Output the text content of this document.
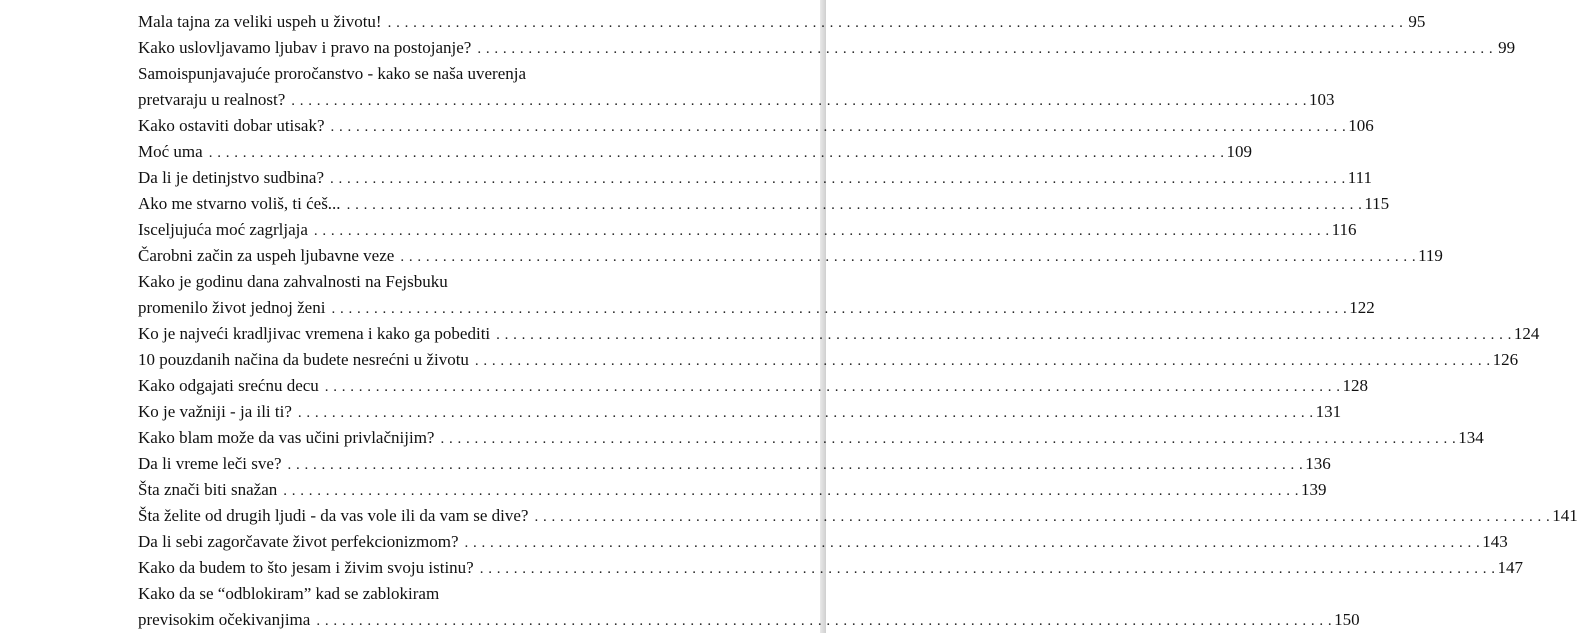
Mala tajna za veliki uspeh u životu! . . . . . . . . . . . . . . . . . . . . . . . . . . . . . . . . . . . . . . . . . . . . . . . . . . . . . . . . . . . . . . . . . . . . . . . . . . . . . . . . . . . . . . . . . . . . . . . . . . . . . . . . . . . . . . . . . . . . . . . . 95
Kako uslovljavamo ljubav i pravo na postojanje? . . . . . . . . . . . . . . . . . . . . . . . . . . . . . . . . . . . . . . . . . . . . . . . . . . . . . . . . . . . . . . . . . . . . . . . . . . . . . . . . . . . . . . . . . . . . . . . . . . . . . . . . . . . . . . . . . . . . . . . . 99
Samoispunjavajuće proročanstvo - kako se naša uverenja
pretvaraju u realnost? . . . . . . . . . . . . . . . . . . . . . . . . . . . . . . . . . . . . . . . . . . . . . . . . . . . . . . . . . . . . . . . . . . . . . . . . . . . . . . . . . . . . . . . . . . . . . . . . . . . . . . . . . . . . . . . . . . . . . . . . 103
Kako ostaviti dobar utisak? . . . . . . . . . . . . . . . . . . . . . . . . . . . . . . . . . . . . . . . . . . . . . . . . . . . . . . . . . . . . . . . . . . . . . . . . . . . . . . . . . . . . . . . . . . . . . . . . . . . . . . . . . . . . . . . . . . . . . . . . 106
Moć uma . . . . . . . . . . . . . . . . . . . . . . . . . . . . . . . . . . . . . . . . . . . . . . . . . . . . . . . . . . . . . . . . . . . . . . . . . . . . . . . . . . . . . . . . . . . . . . . . . . . . . . . . . . . . . . . . . . . . . . . . 109
Da li je detinjstvo sudbina? . . . . . . . . . . . . . . . . . . . . . . . . . . . . . . . . . . . . . . . . . . . . . . . . . . . . . . . . . . . . . . . . . . . . . . . . . . . . . . . . . . . . . . . . . . . . . . . . . . . . . . . . . . . . . . . . . . . . . . . . 111
Ako me stvarno voliš, ti ćeš... . . . . . . . . . . . . . . . . . . . . . . . . . . . . . . . . . . . . . . . . . . . . . . . . . . . . . . . . . . . . . . . . . . . . . . . . . . . . . . . . . . . . . . . . . . . . . . . . . . . . . . . . . . . . . . . . . . . . . . . . 115
Isceljujuća moć zagrljaja . . . . . . . . . . . . . . . . . . . . . . . . . . . . . . . . . . . . . . . . . . . . . . . . . . . . . . . . . . . . . . . . . . . . . . . . . . . . . . . . . . . . . . . . . . . . . . . . . . . . . . . . . . . . . . . . . . . . . . . . 116
Čarobni začin za uspeh ljubavne veze . . . . . . . . . . . . . . . . . . . . . . . . . . . . . . . . . . . . . . . . . . . . . . . . . . . . . . . . . . . . . . . . . . . . . . . . . . . . . . . . . . . . . . . . . . . . . . . . . . . . . . . . . . . . . . . . . . . . . . . . 119
Kako je godinu dana zahvalnosti na Fejsbuku
promenilo život jednoj ženi . . . . . . . . . . . . . . . . . . . . . . . . . . . . . . . . . . . . . . . . . . . . . . . . . . . . . . . . . . . . . . . . . . . . . . . . . . . . . . . . . . . . . . . . . . . . . . . . . . . . . . . . . . . . . . . . . . . . . . . . 122
Ko je najveći kradljivac vremena i kako ga pobediti . . . . . . . . . . . . . . . . . . . . . . . . . . . . . . . . . . . . . . . . . . . . . . . . . . . . . . . . . . . . . . . . . . . . . . . . . . . . . . . . . . . . . . . . . . . . . . . . . . . . . . . . . . . . . . . . . . . . . . . . 124
10 pouzdanih načina da budete nesrećni u životu . . . . . . . . . . . . . . . . . . . . . . . . . . . . . . . . . . . . . . . . . . . . . . . . . . . . . . . . . . . . . . . . . . . . . . . . . . . . . . . . . . . . . . . . . . . . . . . . . . . . . . . . . . . . . . . . . . . . . . . . 126
Kako odgajati srećnu decu . . . . . . . . . . . . . . . . . . . . . . . . . . . . . . . . . . . . . . . . . . . . . . . . . . . . . . . . . . . . . . . . . . . . . . . . . . . . . . . . . . . . . . . . . . . . . . . . . . . . . . . . . . . . . . . . . . . . . . . . 128
Ko je važniji - ja ili ti? . . . . . . . . . . . . . . . . . . . . . . . . . . . . . . . . . . . . . . . . . . . . . . . . . . . . . . . . . . . . . . . . . . . . . . . . . . . . . . . . . . . . . . . . . . . . . . . . . . . . . . . . . . . . . . . . . . . . . . . . 131
Kako blam može da vas učini privlačnijim? . . . . . . . . . . . . . . . . . . . . . . . . . . . . . . . . . . . . . . . . . . . . . . . . . . . . . . . . . . . . . . . . . . . . . . . . . . . . . . . . . . . . . . . . . . . . . . . . . . . . . . . . . . . . . . . . . . . . . . . . 134
Da li vreme leči sve? . . . . . . . . . . . . . . . . . . . . . . . . . . . . . . . . . . . . . . . . . . . . . . . . . . . . . . . . . . . . . . . . . . . . . . . . . . . . . . . . . . . . . . . . . . . . . . . . . . . . . . . . . . . . . . . . . . . . . . . . 136
Šta znači biti snažan . . . . . . . . . . . . . . . . . . . . . . . . . . . . . . . . . . . . . . . . . . . . . . . . . . . . . . . . . . . . . . . . . . . . . . . . . . . . . . . . . . . . . . . . . . . . . . . . . . . . . . . . . . . . . . . . . . . . . . . . 139
Šta želite od drugih ljudi - da vas vole ili da vam se dive? . . . . . . . . . . . . . . . . . . . . . . . . . . . . . . . . . . . . . . . . . . . . . . . . . . . . . . . . . . . . . . . . . . . . . . . . . . . . . . . . . . . . . . . . . . . . . . . . . . . . . . . . . . . . . . . . . . . . . . . . 141
Da li sebi zagorčavate život perfekcionizmom? . . . . . . . . . . . . . . . . . . . . . . . . . . . . . . . . . . . . . . . . . . . . . . . . . . . . . . . . . . . . . . . . . . . . . . . . . . . . . . . . . . . . . . . . . . . . . . . . . . . . . . . . . . . . . . . . . . . . . . . . 143
Kako da budem to što jesam i živim svoju istinu? . . . . . . . . . . . . . . . . . . . . . . . . . . . . . . . . . . . . . . . . . . . . . . . . . . . . . . . . . . . . . . . . . . . . . . . . . . . . . . . . . . . . . . . . . . . . . . . . . . . . . . . . . . . . . . . . . . . . . . . . 147
Kako da se “odblokiram” kad se zablokiram
previsokim očekivanjima . . . . . . . . . . . . . . . . . . . . . . . . . . . . . . . . . . . . . . . . . . . . . . . . . . . . . . . . . . . . . . . . . . . . . . . . . . . . . . . . . . . . . . . . . . . . . . . . . . . . . . . . . . . . . . . . . . . . . . . . 150
